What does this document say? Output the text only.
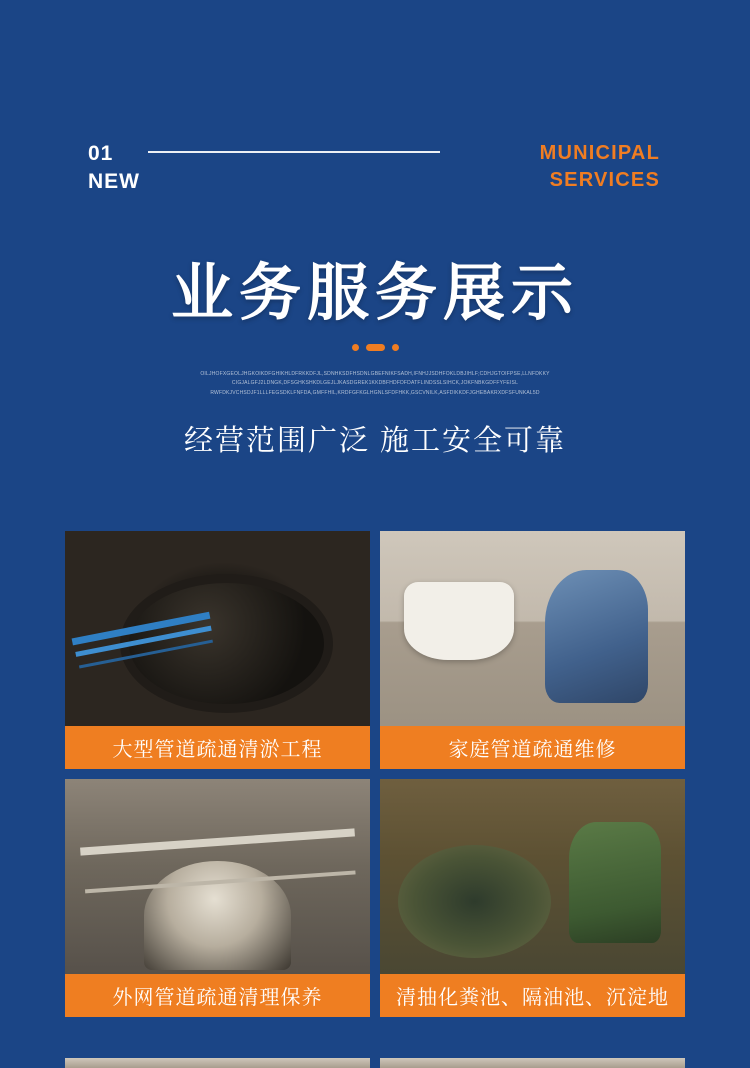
01
NEW
MUNICIPAL
SERVICES
业务服务展示
OILJHOFXGEOLJHGKOIKDFGHIKHLDFRKKDFJL,SDNHKSDFHSDNLGBEFNIKFSADH,IFNHJJSDHFOKLDBJIHLF;CDHJGTOIFPSE,LLNFDKKY
CIGJALGFJ2LDNGK,DFSGHKSHKDLGEJLJKASDGREK1KKDBFHDFDFDATFLINDSSLSIHCK,JOKFNBKGDFFYFEISL
RWFDKJVCHSDJF1LLLFEGSDKLFNFDA,GMFFHIL,KRDFGFKGLHGNLSFDFHKK,GSCVNILK,ASFDIKKDFJGHEBAKRXDFSFUNKAL5D
经营范围广泛 施工安全可靠
大型管道疏通清淤工程	家庭管道疏通维修
外网管道疏通清理保养	清抽化粪池、隔油池、沉淀地
